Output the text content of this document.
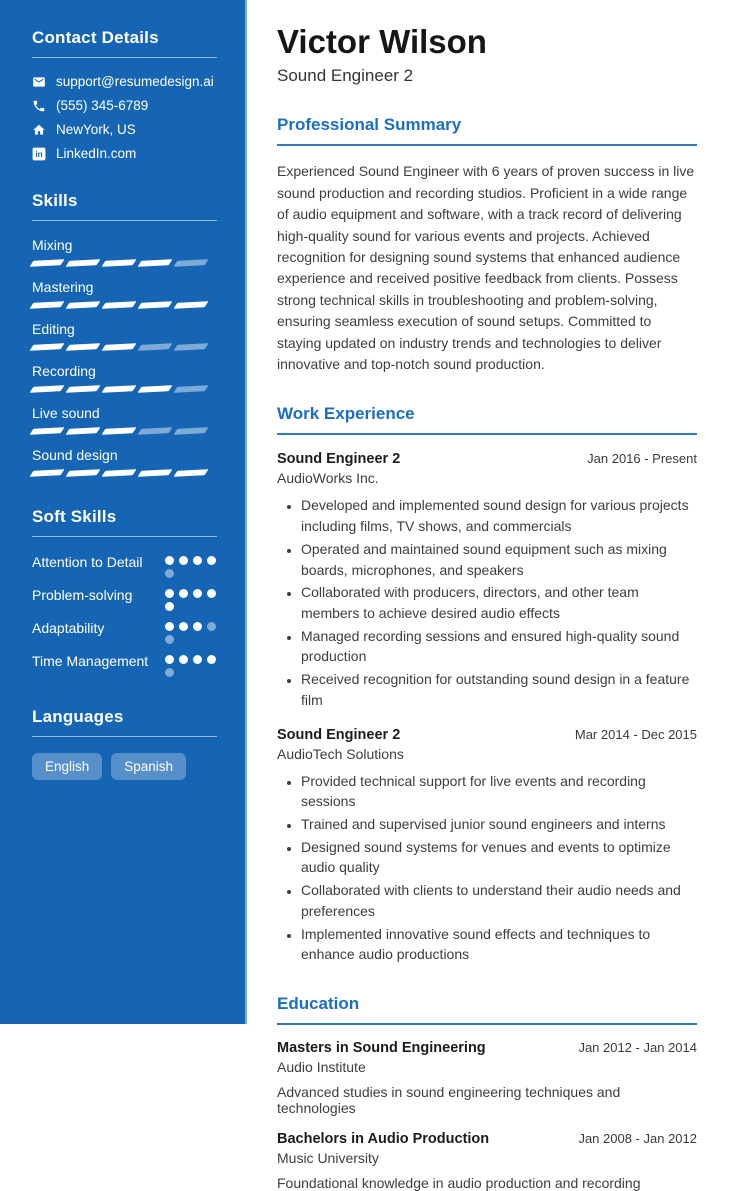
Contact Details
support@resumedesign.ai
(555) 345-6789
NewYork, US
in LinkedIn.com
Skills
Mixing
Mastering
Editing
Recording
Live sound
Sound design
Soft Skills
Attention to Detail
Problem-solving
Adaptability
Time Management
Languages
English	Spanish
Victor Wilson
Sound Engineer 2
Professional Summary

Experienced Sound Engineer with 6 years of proven success in live sound production and recording studios. Proficient in a wide range of audio equipment and software, with a track record of delivering high-quality sound for various events and projects. Achieved recognition for designing sound systems that enhanced audience experience and received positive feedback from clients. Possess strong technical skills in troubleshooting and problem-solving, ensuring seamless execution of sound setups. Committed to staying updated on industry trends and technologies to deliver innovative and top-notch sound production.

Work Experience
Sound Engineer 2	Jan 2016 - Present
AudioWorks Inc.
• Developed and implemented sound design for various projects including films, TV shows, and commercials
• Operated and maintained sound equipment such as mixing boards, microphones, and speakers
• Collaborated with producers, directors, and other team members to achieve desired audio effects
• Managed recording sessions and ensured high-quality sound production
• Received recognition for outstanding sound design in a feature film
Sound Engineer 2	Mar 2014 - Dec 2015
AudioTech Solutions
• Provided technical support for live events and recording sessions
• Trained and supervised junior sound engineers and interns
• Designed sound systems for venues and events to optimize audio quality
• Collaborated with clients to understand their audio needs and preferences
• Implemented innovative sound effects and techniques to enhance audio productions
Education
Masters in Sound Engineering	Jan 2012 - Jan 2014
Audio Institute
Advanced studies in sound engineering techniques and technologies
Bachelors in Audio Production	Jan 2008 - Jan 2012
Music University
Foundational knowledge in audio production and recording
